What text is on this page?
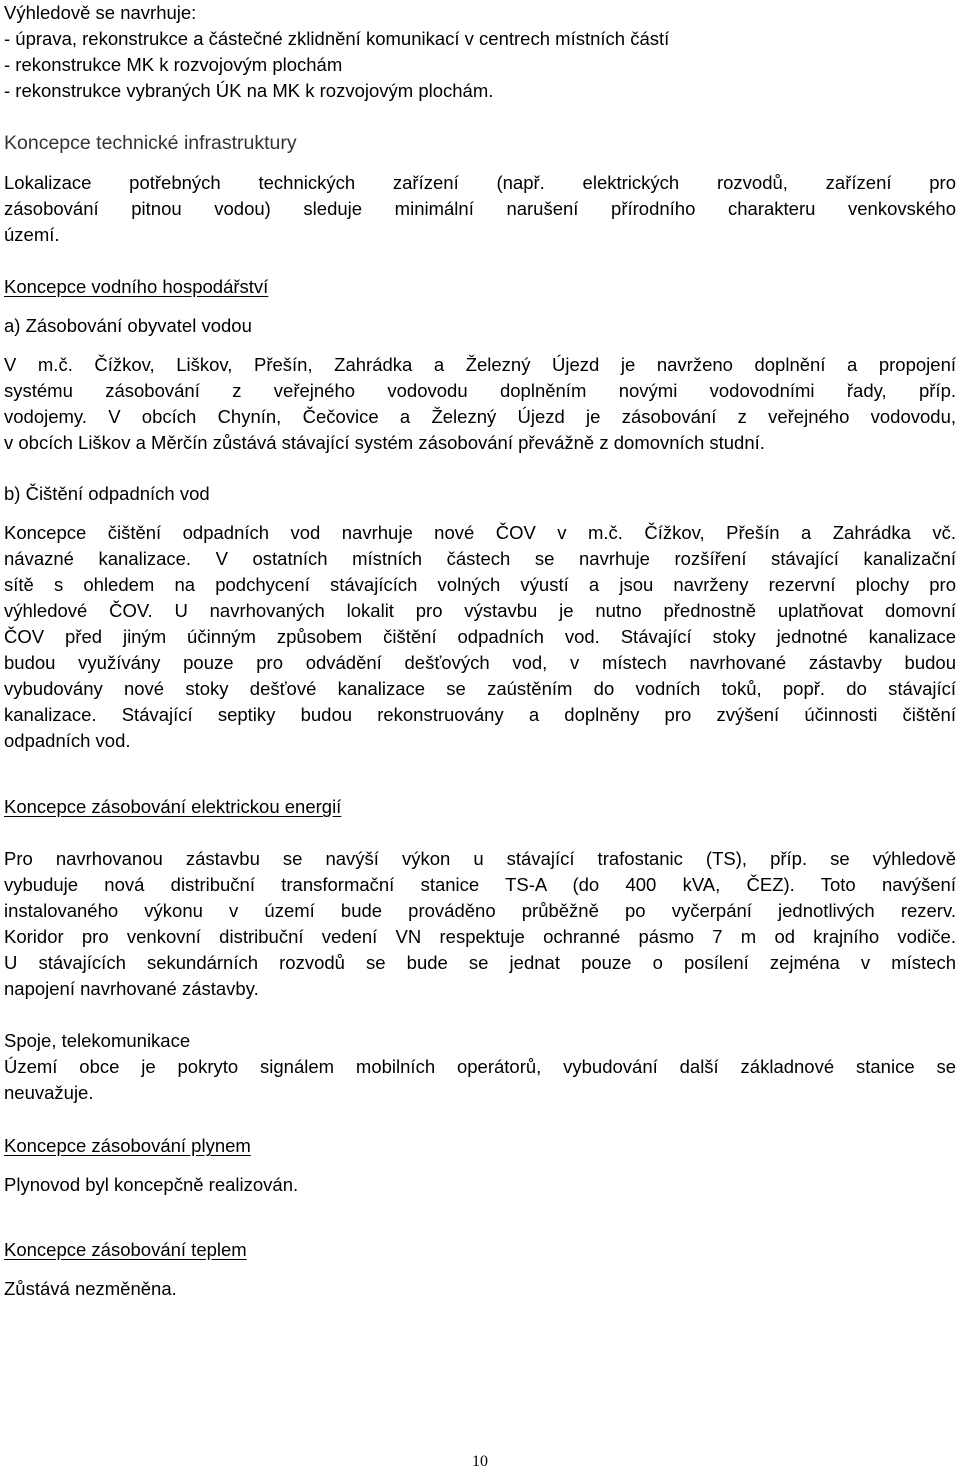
Výhledově se navrhuje:
- úprava, rekonstrukce a částečné zklidnění komunikací v centrech místních částí
- rekonstrukce MK k rozvojovým plochám
- rekonstrukce vybraných ÚK na MK k rozvojovým plochám.
Koncepce technické infrastruktury
Lokalizace potřebných technických zařízení (např. elektrických rozvodů, zařízení pro
zásobování pitnou vodou) sleduje minimální narušení přírodního charakteru venkovského
území.
Koncepce vodního hospodářství
a) Zásobování obyvatel vodou
V m.č. Čížkov, Liškov, Přešín, Zahrádka a Železný Újezd je navrženo doplnění a propojení
systému zásobování z veřejného vodovodu doplněním novými vodovodními řady, příp.
vodojemy. V obcích Chynín, Čečovice a Železný Újezd je zásobování z veřejného vodovodu,
v obcích Liškov a Měrčín zůstává stávající systém zásobování převážně z domovních studní.
b) Čištění odpadních vod
Koncepce čištění odpadních vod navrhuje nové ČOV v m.č. Čížkov, Přešín a Zahrádka vč.
návazné kanalizace. V ostatních místních částech se navrhuje rozšíření stávající kanalizační
sítě s ohledem na podchycení stávajících volných výustí a jsou navrženy rezervní plochy pro
výhledové ČOV. U navrhovaných lokalit pro výstavbu je nutno přednostně uplatňovat domovní
ČOV před jiným účinným způsobem čištění odpadních vod. Stávající stoky jednotné kanalizace
budou využívány pouze pro odvádění dešťových vod, v místech navrhované zástavby budou
vybudovány nové stoky dešťové kanalizace se zaústěním do vodních toků, popř. do stávající
kanalizace. Stávající septiky budou rekonstruovány a doplněny pro zvýšení účinnosti čištění
odpadních vod.
Koncepce zásobování elektrickou energií
Pro navrhovanou zástavbu se navýší výkon u stávající trafostanic (TS), příp. se výhledově
vybuduje nová distribuční transformační stanice TS-A (do 400 kVA, ČEZ). Toto navýšení
instalovaného výkonu v území bude prováděno průběžně po vyčerpání jednotlivých rezerv.
Koridor pro venkovní distribuční vedení VN respektuje ochranné pásmo 7 m od krajního vodiče.
U stávajících sekundárních rozvodů se bude se jednat pouze o posílení zejména v místech
napojení navrhované zástavby.
Spoje, telekomunikace
Území obce je pokryto signálem mobilních operátorů, vybudování další základnové stanice se
neuvažuje.
Koncepce zásobování plynem
Plynovod byl koncepčně realizován.
Koncepce zásobování teplem
Zůstává nezměněna.
10
